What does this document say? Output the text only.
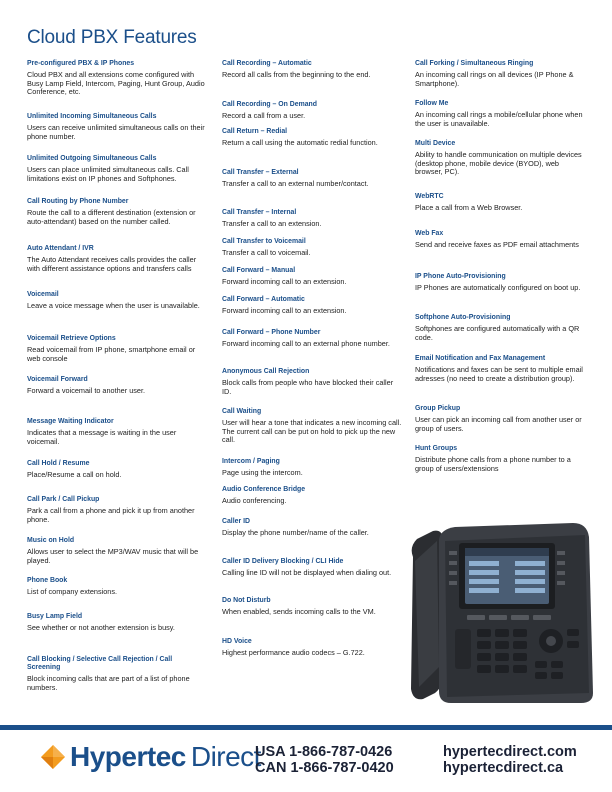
Cloud PBX Features
Pre-configured PBX & IP Phones
Cloud PBX and all extensions come configured with Busy Lamp Field, Intercom, Paging, Hunt Group, Audio Conference, etc.
Unlimited Incoming Simultaneous Calls
Users can receive unlimited simultaneous calls on their phone number.
Unlimited Outgoing Simultaneous Calls
Users can place unlimited simultaneous calls. Call limitations exist on IP phones and Softphones.
Call Routing by Phone Number
Route the call to a different destination (extension or auto-attendant) based on the number called.
Auto Attendant / IVR
The Auto Attendant receives calls provides the caller with different assistance options and transfers calls
Voicemail
Leave a voice message when the user is unavailable.
Voicemail Retrieve Options
Read voicemail from IP phone, smartphone email or web console
Voicemail Forward
Forward a voicemail to another user.
Message Waiting Indicator
Indicates that a message is waiting in the user voicemail.
Call Hold / Resume
Place/Resume a call on hold.
Call Park / Call Pickup
Park a call from a phone and pick it up from another phone.
Music on Hold
Allows user to select the MP3/WAV music that will be played.
Phone Book
List of company extensions.
Busy Lamp Field
See whether or not another extension is busy.
Call Blocking / Selective Call Rejection / Call Screening
Block incoming calls that are part of a list of phone numbers.
Call Recording – Automatic
Record all calls from the beginning to the end.
Call Recording – On Demand
Record a call from a user.
Call Return – Redial
Return a call using the automatic redial function.
Call Transfer – External
Transfer a call to an external number/contact.
Call Transfer – Internal
Transfer a call to an extension.
Call Transfer to Voicemail
Transfer a call to voicemail.
Call Forward – Manual
Forward incoming call to an extension.
Call Forward – Automatic
Forward incoming call to an extension.
Call Forward – Phone Number
Forward incoming call to an external phone number.
Anonymous Call Rejection
Block calls from people who have blocked their caller ID.
Call Waiting
User will hear a tone that indicates a new incoming call. The current call can be put on hold to pick up the new call.
Intercom / Paging
Page using the intercom.
Audio Conference Bridge
Audio conferencing.
Caller ID
Display the phone number/name of the caller.
Caller ID Delivery Blocking / CLI Hide
Calling line ID will not be displayed when dialing out.
Do Not Disturb
When enabled, sends incoming calls to the VM.
HD Voice
Highest performance audio codecs – G.722.
Call Forking / Simultaneous Ringing
An incoming call rings on all devices (IP Phone & Smartphone).
Follow Me
An incoming call rings a mobile/cellular phone when the user is unavailable.
Multi Device
Ability to handle communication on multiple devices (desktop phone, mobile device (BYOD), web browser, PC).
WebRTC
Place a call from a Web Browser.
Web Fax
Send and receive faxes as PDF email attachments
IP Phone Auto-Provisioning
IP Phones are automatically configured on boot up.
Softphone Auto-Provisioning
Softphones are configured automatically with a QR code.
Email Notification and Fax Management
Notifications and faxes can be sent to multiple email adresses (no need to create a distribution group).
Group Pickup
User can pick an incoming call from another user or group of users.
Hunt Groups
Distribute phone calls from a phone number to a group of users/extensions
Hypertec Direct
USA 1-866-787-0426
CAN 1-866-787-0420
hypertecdirect.com
hypertecdirect.ca
